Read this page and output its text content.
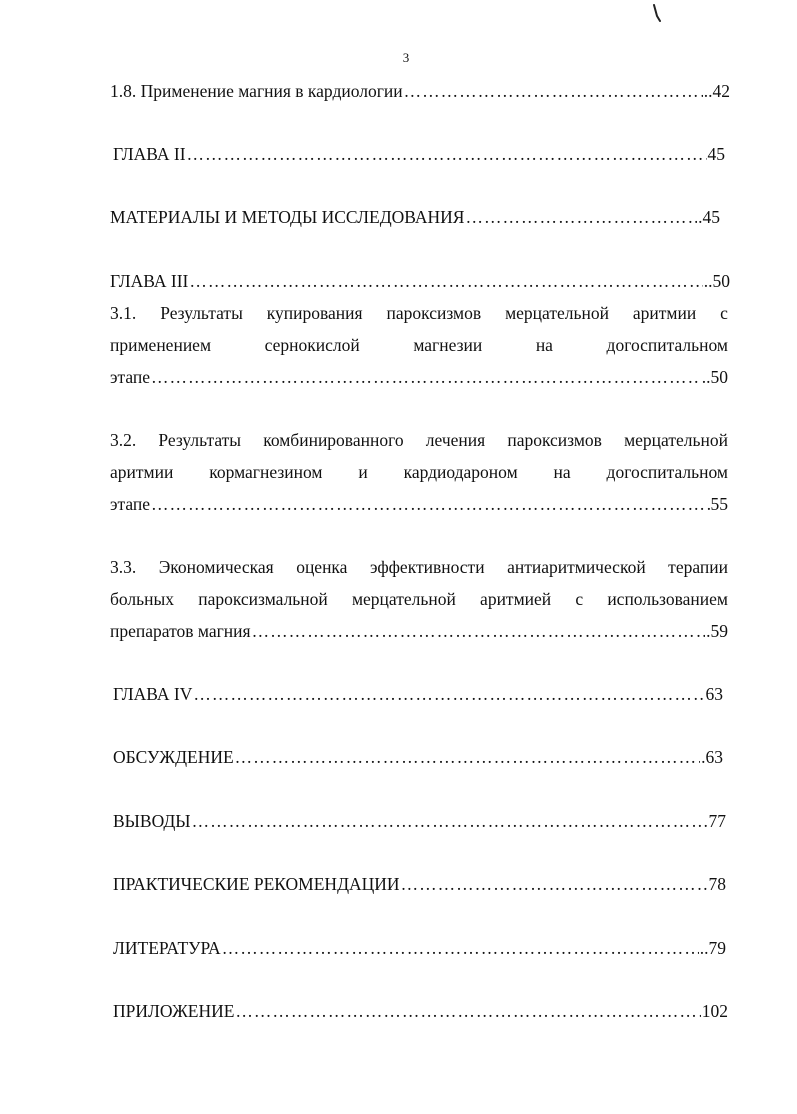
3
1.8. Применение магния в кардиологии …………………………………………………………………………………………………………………………………………………………………………………………	..42
ГЛАВА II …………………………………………………………………………………………………………………………………………………………………………………………	45
МАТЕРИАЛЫ И МЕТОДЫ ИССЛЕДОВАНИЯ …………………………………………………………………………………………………………………………………………………………………………………………	.45
ГЛАВА III …………………………………………………………………………………………………………………………………………………………………………………………	..50
3.1. Результаты купирования пароксизмов мерцательной аритмии с
применением	сернокислой	магнезии	на	догоспитальном
этапе …………………………………………………………………………………………………………………………………………………………………………………………	..50
3.2. Результаты комбинированного лечения пароксизмов мерцательной
аритмии кормагнезином и кардиодароном на догоспитальном
этапе …………………………………………………………………………………………………………………………………………………………………………………………	55
3.3. Экономическая оценка эффективности антиаритмической терапии
больных пароксизмальной мерцательной аритмией с использованием
препаратов магния …………………………………………………………………………………………………………………………………………………………………………………………	.59
ГЛАВА IV …………………………………………………………………………………………………………………………………………………………………………………………	63
ОБСУЖДЕНИЕ …………………………………………………………………………………………………………………………………………………………………………………………	.63
ВЫВОДЫ …………………………………………………………………………………………………………………………………………………………………………………………	77
ПРАКТИЧЕСКИЕ РЕКОМЕНДАЦИИ …………………………………………………………………………………………………………………………………………………………………………………………	78
ЛИТЕРАТУРА …………………………………………………………………………………………………………………………………………………………………………………………	..79
ПРИЛОЖЕНИЕ …………………………………………………………………………………………………………………………………………………………………………………………	102
